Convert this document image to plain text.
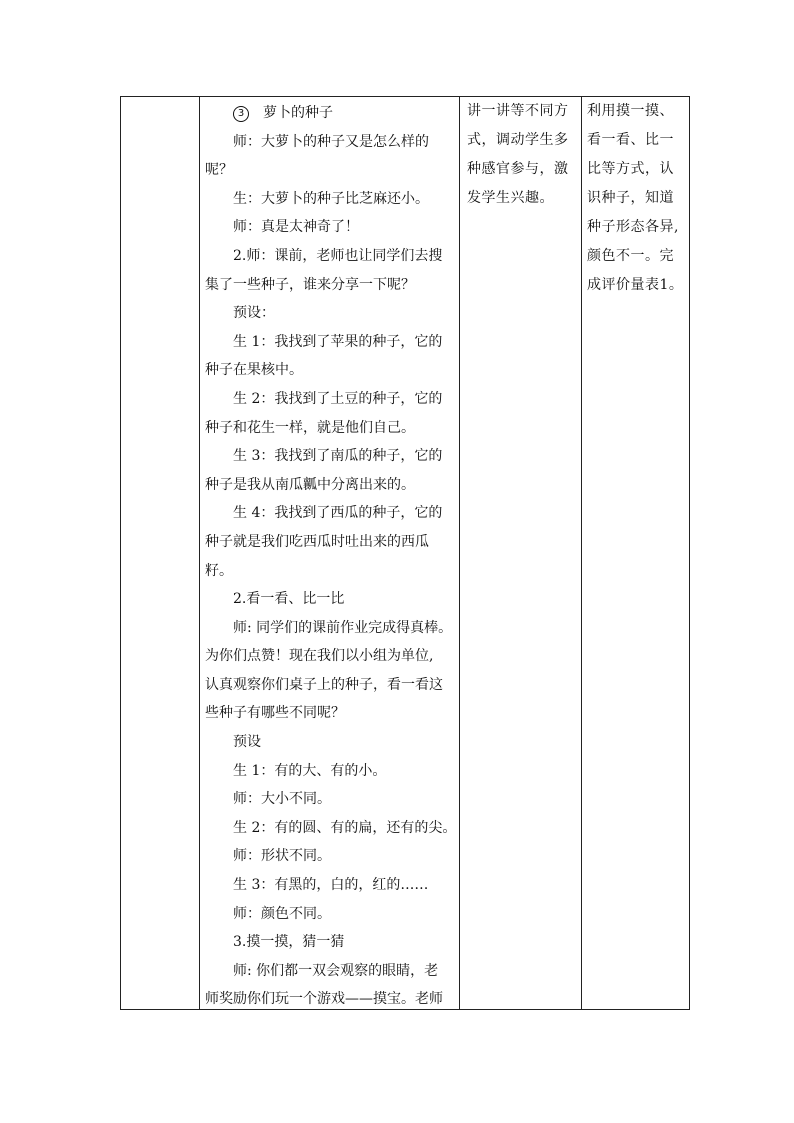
3 萝卜的种子
师：大萝卜的种子又是怎么样的
呢？
生：大萝卜的种子比芝麻还小。
师：真是太神奇了！
2.师：课前，老师也让同学们去搜
集了一些种子，谁来分享一下呢？
预设：
生 1：我找到了苹果的种子，它的
种子在果核中。
生 2：我找到了土豆的种子，它的
种子和花生一样，就是他们自己。
生 3：我找到了南瓜的种子，它的
种子是我从南瓜瓤中分离出来的。
生 4：我找到了西瓜的种子，它的
种子就是我们吃西瓜时吐出来的西瓜
籽。
2.看一看、比一比
师: 同学们的课前作业完成得真棒。
为你们点赞！现在我们以小组为单位,
认真观察你们桌子上的种子，看一看这
些种子有哪些不同呢？
预设
生 1：有的大、有的小。
师：大小不同。
生 2：有的圆、有的扁，还有的尖。
师：形状不同。
生 3：有黑的，白的，红的……
师：颜色不同。
3.摸一摸，猜一猜
师: 你们都一双会观察的眼睛，老
师奖励你们玩一个游戏——摸宝。老师
讲一讲等不同方
式，调动学生多
种感官参与，激
发学生兴趣。
利用摸一摸、
看一看、比一
比等方式，认
识种子，知道
种子形态各异,
颜色不一。完
成评价量表1。
